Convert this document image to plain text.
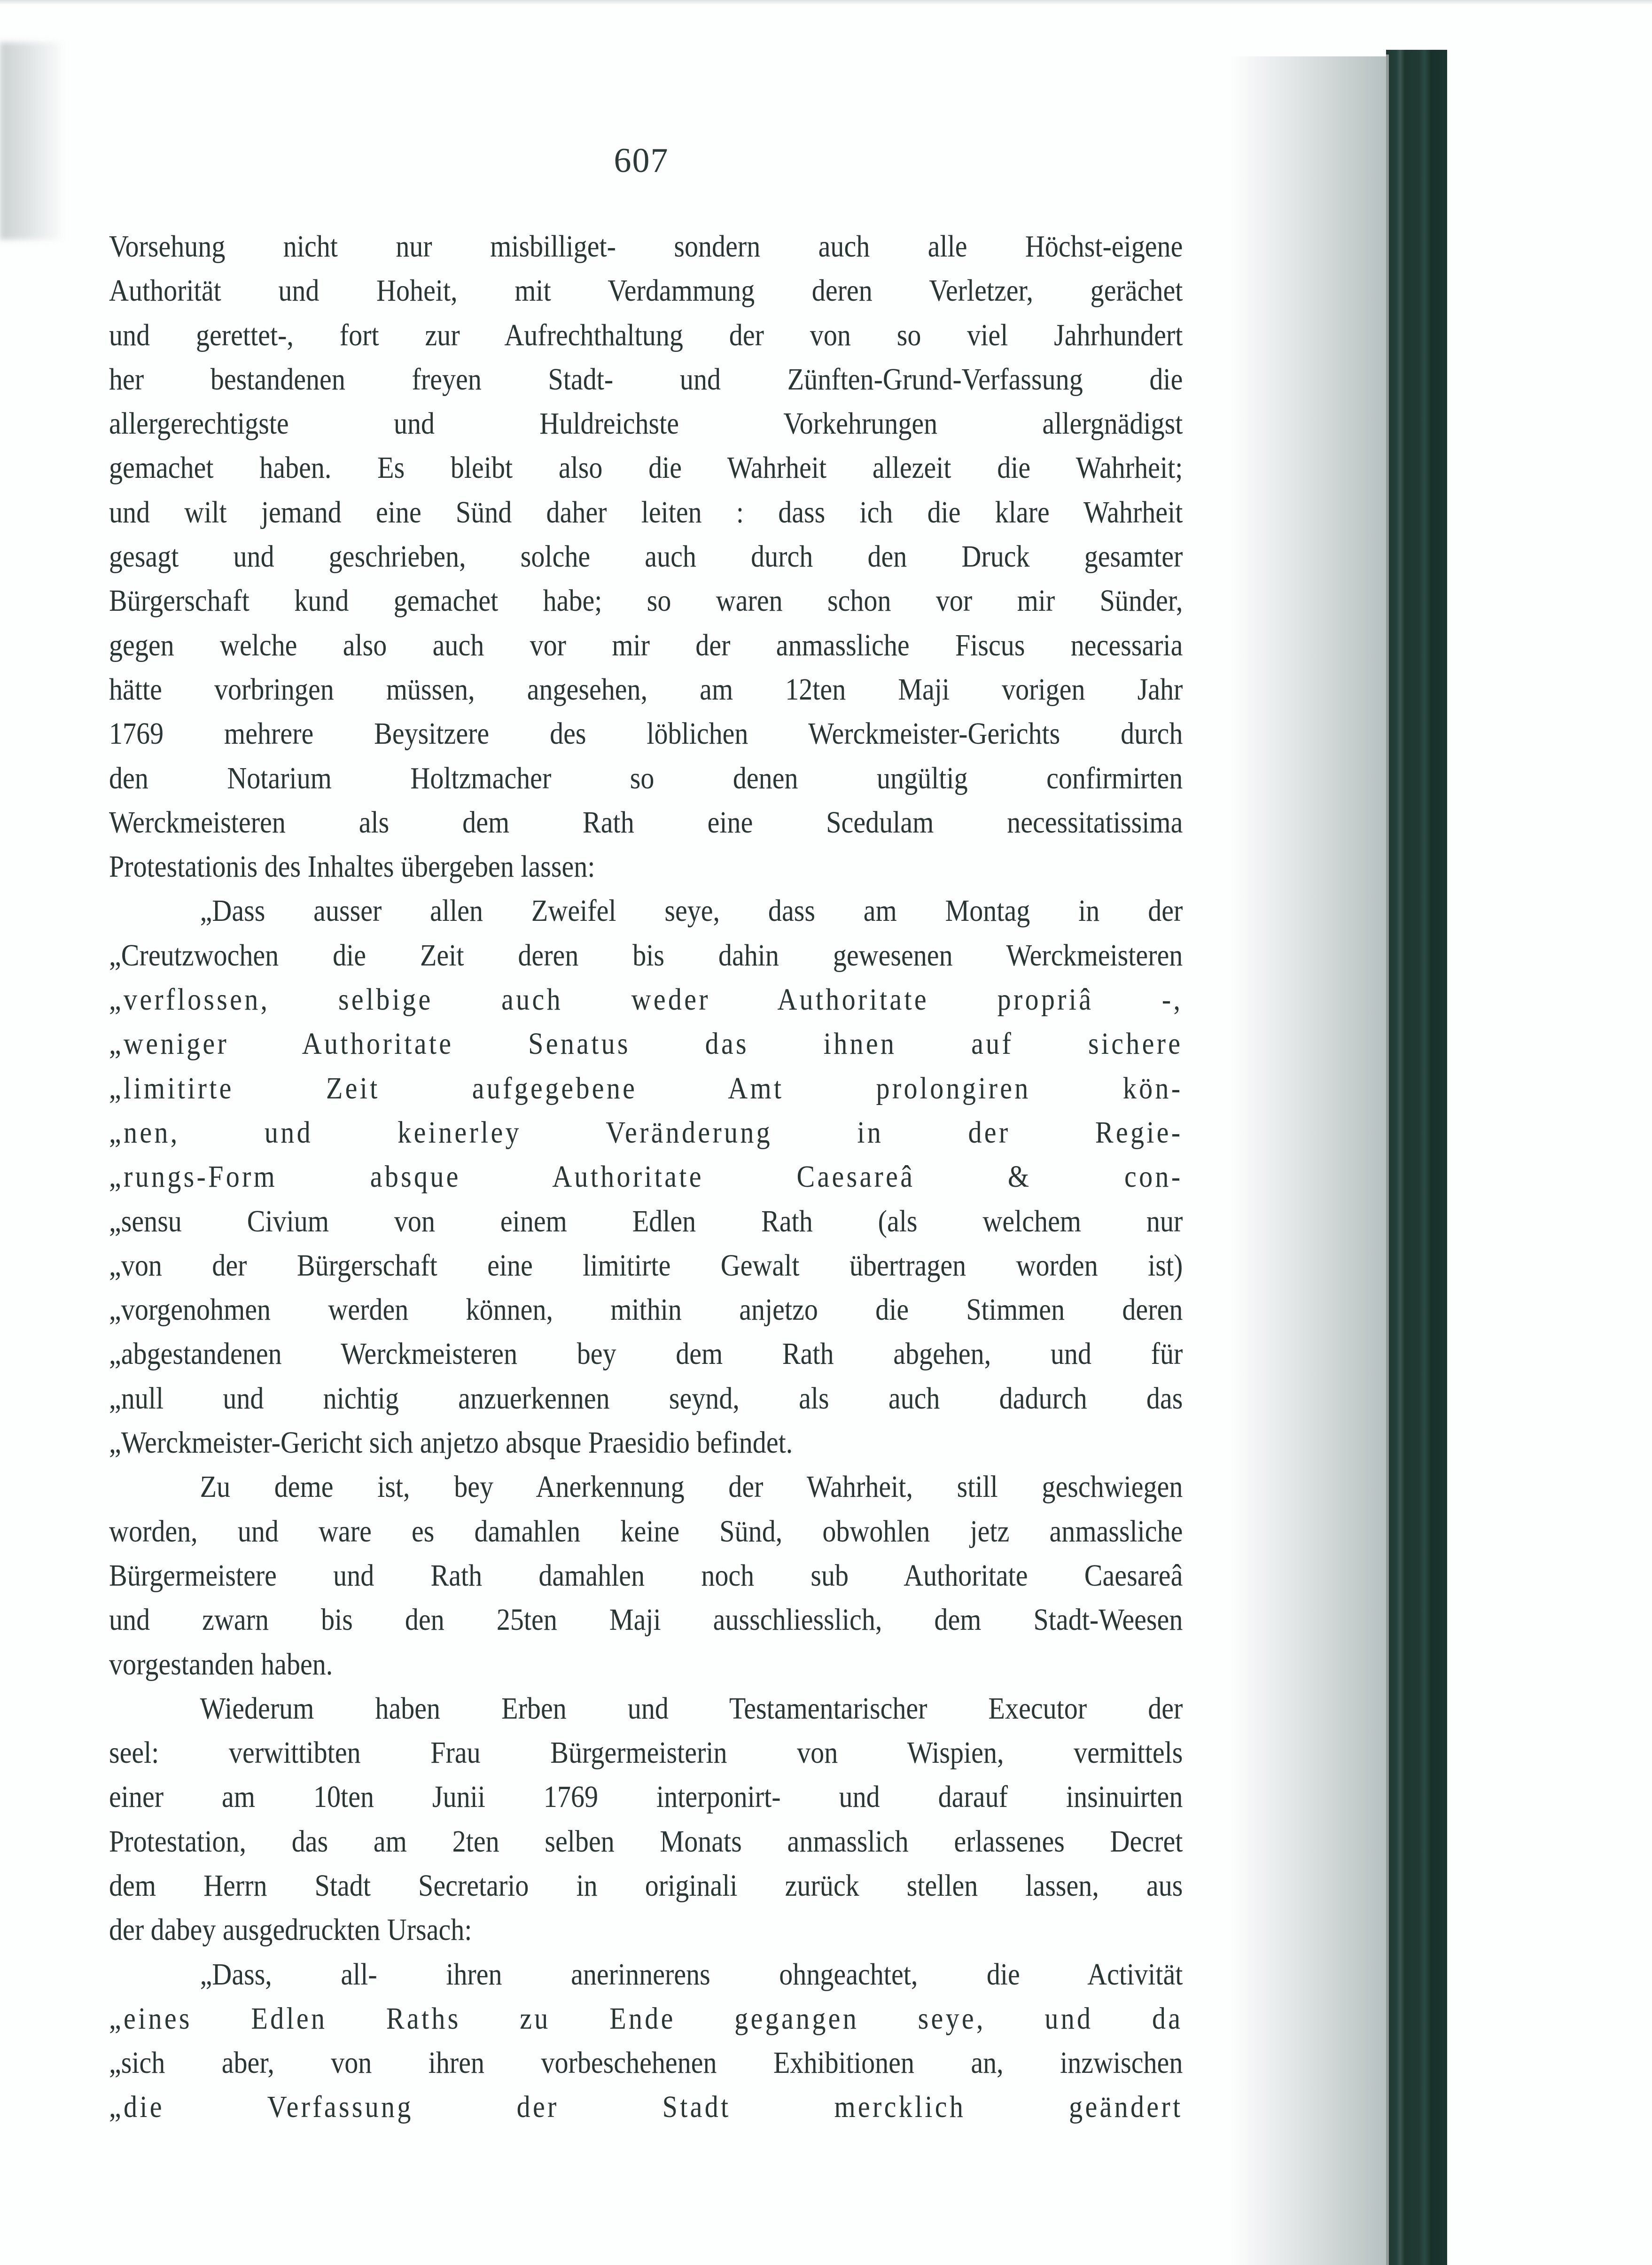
607
Vorsehung nicht nur misbilliget- sondern auch alle Höchst-eigene
Authorität und Hoheit, mit Verdammung deren Verletzer, gerächet
und gerettet-, fort zur Aufrechthaltung der von so viel Jahrhundert
her bestandenen freyen Stadt- und Zünften-Grund-Verfassung die
allergerechtigste und Huldreichste Vorkehrungen allergnädigst
gemachet haben. Es bleibt also die Wahrheit allezeit die Wahrheit;
und wilt jemand eine Sünd daher leiten : dass ich die klare Wahrheit
gesagt und geschrieben, solche auch durch den Druck gesamter
Bürgerschaft kund gemachet habe; so waren schon vor mir Sünder,
gegen welche also auch vor mir der anmassliche Fiscus necessaria
hätte vorbringen müssen, angesehen, am 12ten Maji vorigen Jahr
1769 mehrere Beysitzere des löblichen Werckmeister-Gerichts durch
den Notarium Holtzmacher so denen ungültig confirmirten
Werckmeisteren als dem Rath eine Scedulam necessitatissima
Protestationis des Inhaltes übergeben lassen:
„Dass ausser allen Zweifel seye, dass am Montag in der
„Creutzwochen die Zeit deren bis dahin gewesenen Werckmeisteren
„verflossen, selbige auch weder Authoritate propriâ -,
„weniger Authoritate Senatus das ihnen auf sichere
„limitirte Zeit aufgegebene Amt prolongiren kön-
„nen, und keinerley Veränderung in der Regie-
„rungs-Form absque Authoritate Caesareâ & con-
„sensu Civium von einem Edlen Rath (als welchem nur
„von der Bürgerschaft eine limitirte Gewalt übertragen worden ist)
„vorgenohmen werden können, mithin anjetzo die Stimmen deren
„abgestandenen Werckmeisteren bey dem Rath abgehen, und für
„null und nichtig anzuerkennen seynd, als auch dadurch das
„Werckmeister-Gericht sich anjetzo absque Praesidio befindet.
Zu deme ist, bey Anerkennung der Wahrheit, still geschwiegen
worden, und ware es damahlen keine Sünd, obwohlen jetz anmassliche
Bürgermeistere und Rath damahlen noch sub Authoritate Caesareâ
und zwarn bis den 25ten Maji ausschliesslich, dem Stadt-Weesen
vorgestanden haben.
Wiederum haben Erben und Testamentarischer Executor der
seel: verwittibten Frau Bürgermeisterin von Wispien, vermittels
einer am 10ten Junii 1769 interponirt- und darauf insinuirten
Protestation, das am 2ten selben Monats anmasslich erlassenes Decret
dem Herrn Stadt Secretario in originali zurück stellen lassen, aus
der dabey ausgedruckten Ursach:
„Dass, all- ihren anerinnerens ohngeachtet, die Activität
„eines Edlen Raths zu Ende gegangen seye, und da
„sich aber, von ihren vorbeschehenen Exhibitionen an, inzwischen
„die Verfassung der Stadt mercklich geändert
